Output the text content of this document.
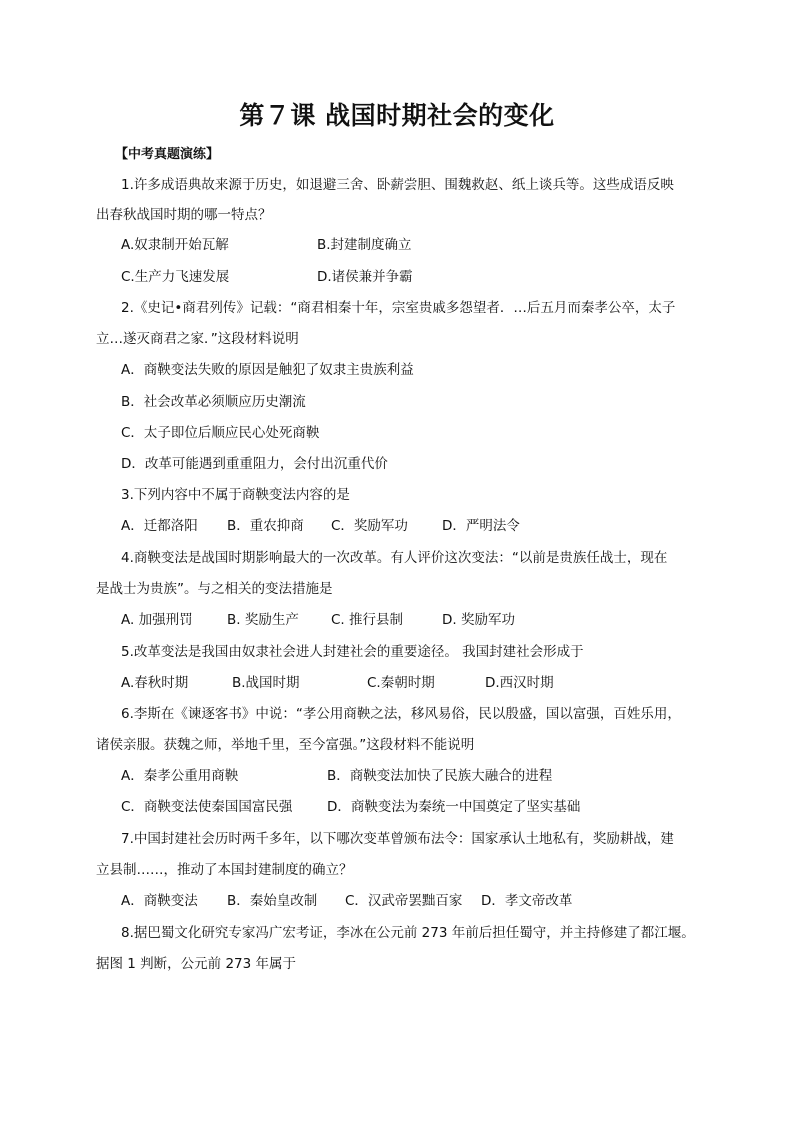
第７课 战国时期社会的变化
【中考真题演练】
1.许多成语典故来源于历史，如退避三舍、卧薪尝胆、围魏救赵、纸上谈兵等。这些成语反映
出春秋战国时期的哪一特点？
A.奴隶制开始瓦解	B.封建制度确立
C.生产力飞速发展	D.诸侯兼并争霸
2.《史记•商君列传》记载：“商君相秦十年，宗室贵戚多怨望者．…后五月而秦孝公卒，太子
立…遂灭商君之家．”这段材料说明
A．商鞅变法失败的原因是触犯了奴隶主贵族利益
B．社会改革必须顺应历史潮流
C．太子即位后顺应民心处死商鞅
D．改革可能遇到重重阻力，会付出沉重代价
3.下列内容中不属于商鞅变法内容的是
A．迁都洛阳 B．重农抑商 C．奖励军功	D．严明法令
4.商鞅变法是战国时期影响最大的一次改革。有人评价这次变法：“以前是贵族任战士，现在
是战士为贵族”。与之相关的变法措施是
A. 加强刑罚	B. 奖励生产 C. 推行县制	D. 奖励军功
5.改革变法是我国由奴隶社会进人封建社会的重要途径。 我国封建社会形成于
A.春秋时期	B.战国时期	C.秦朝时期	D.西汉时期
6.李斯在《谏逐客书》中说：“孝公用商鞅之法，移风易俗，民以殷盛，国以富强，百姓乐用，
诸侯亲服。获魏之师，举地千里，至今富强。”这段材料不能说明
A．秦孝公重用商鞅	B．商鞅变法加快了民族大融合的进程
C．商鞅变法使秦国国富民强	D．商鞅变法为秦统一中国奠定了坚实基础
7.中国封建社会历时两千多年，以下哪次变革曾颁布法令：国家承认土地私有，奖励耕战，建
立县制……，推动了本国封建制度的确立？
A．商鞅变法 B．秦始皇改制 C．汉武帝罢黜百家 D．孝文帝改革
8.据巴蜀文化研究专家冯广宏考证，李冰在公元前 273 年前后担任蜀守，并主持修建了都江堰。
据图 1 判断，公元前 273 年属于
